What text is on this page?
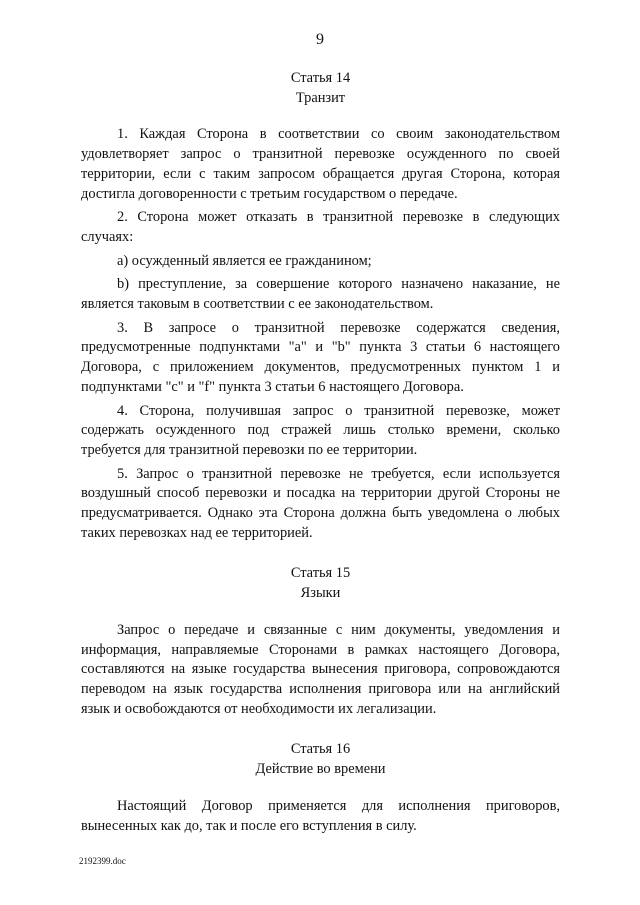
9
Статья 14
Транзит

1. Каждая Сторона в соответствии со своим законодательством удовлетворяет запрос о транзитной перевозке осужденного по своей территории, если с таким запросом обращается другая Сторона, которая достигла договоренности с третьим государством о передаче.

2. Сторона может отказать в транзитной перевозке в следующих случаях:

a) осужденный является ее гражданином;

b) преступление, за совершение которого назначено наказание, не является таковым в соответствии с ее законодательством.

3. В запросе о транзитной перевозке содержатся сведения, предусмотренные подпунктами "a" и "b" пункта 3 статьи 6 настоящего Договора, с приложением документов, предусмотренных пунктом 1 и подпунктами "c" и "f" пункта 3 статьи 6 настоящего Договора.

4. Сторона, получившая запрос о транзитной перевозке, может содержать осужденного под стражей лишь столько времени, сколько требуется для транзитной перевозки по ее территории.

5. Запрос о транзитной перевозке не требуется, если используется воздушный способ перевозки и посадка на территории другой Стороны не предусматривается. Однако эта Сторона должна быть уведомлена о любых таких перевозках над ее территорией.

Статья 15
Языки

Запрос о передаче и связанные с ним документы, уведомления и информация, направляемые Сторонами в рамках настоящего Договора, составляются на языке государства вынесения приговора, сопровождаются переводом на язык государства исполнения приговора или на английский язык и освобождаются от необходимости их легализации.

Статья 16
Действие во времени

Настоящий Договор применяется для исполнения приговоров, вынесенных как до, так и после его вступления в силу.

2192399.doc
